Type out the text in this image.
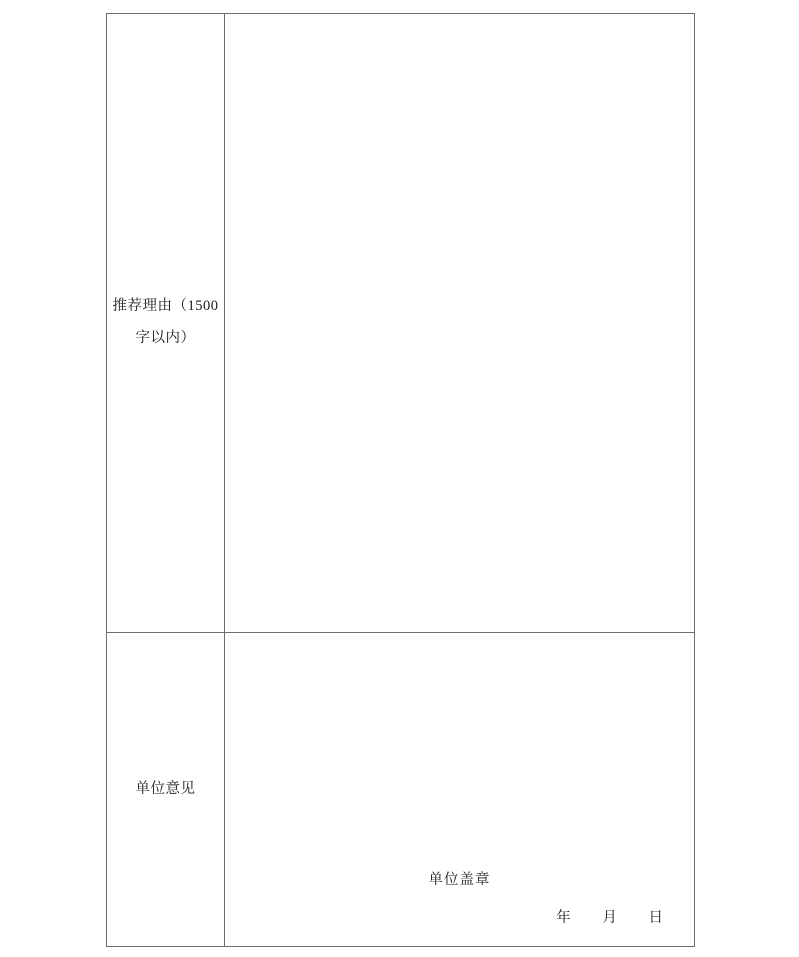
推荐理由（1500
字以内）	

单位意见	单位盖章
年 月 日
